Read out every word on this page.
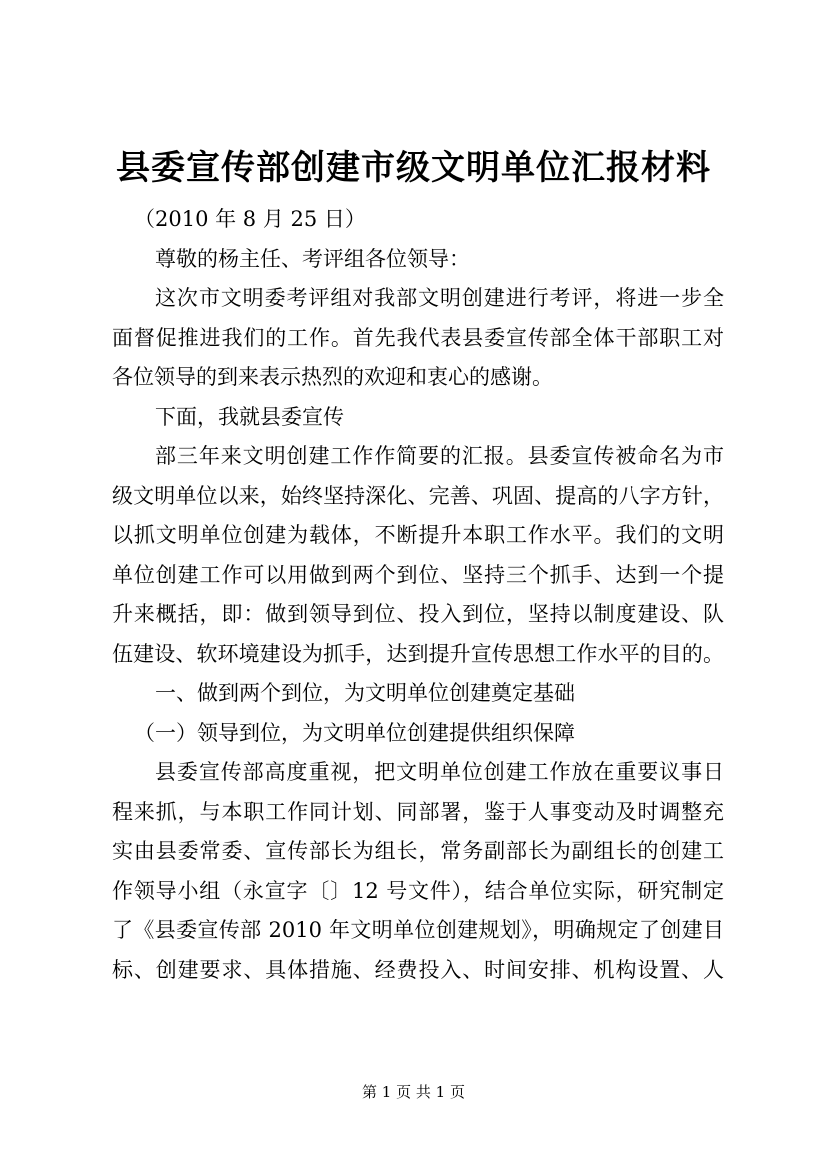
县委宣传部创建市级文明单位汇报材料
（2010 年 8 月 25 日）
尊敬的杨主任、考评组各位领导：
这次市文明委考评组对我部文明创建进行考评，将进一步全
面督促推进我们的工作。首先我代表县委宣传部全体干部职工对
各位领导的到来表示热烈的欢迎和衷心的感谢。
下面，我就县委宣传
部三年来文明创建工作作简要的汇报。县委宣传被命名为市
级文明单位以来，始终坚持深化、完善、巩固、提高的八字方针，
以抓文明单位创建为载体，不断提升本职工作水平。我们的文明
单位创建工作可以用做到两个到位、坚持三个抓手、达到一个提
升来概括，即：做到领导到位、投入到位，坚持以制度建设、队
伍建设、软环境建设为抓手，达到提升宣传思想工作水平的目的。
一、做到两个到位，为文明单位创建奠定基础
（一）领导到位，为文明单位创建提供组织保障
县委宣传部高度重视，把文明单位创建工作放在重要议事日
程来抓，与本职工作同计划、同部署，鉴于人事变动及时调整充
实由县委常委、宣传部长为组长，常务副部长为副组长的创建工
作领导小组（永宣字〔〕12 号文件），结合单位实际，研究制定
了《县委宣传部 2010 年文明单位创建规划》，明确规定了创建目
标、创建要求、具体措施、经费投入、时间安排、机构设置、人
第 1 页 共 1 页
